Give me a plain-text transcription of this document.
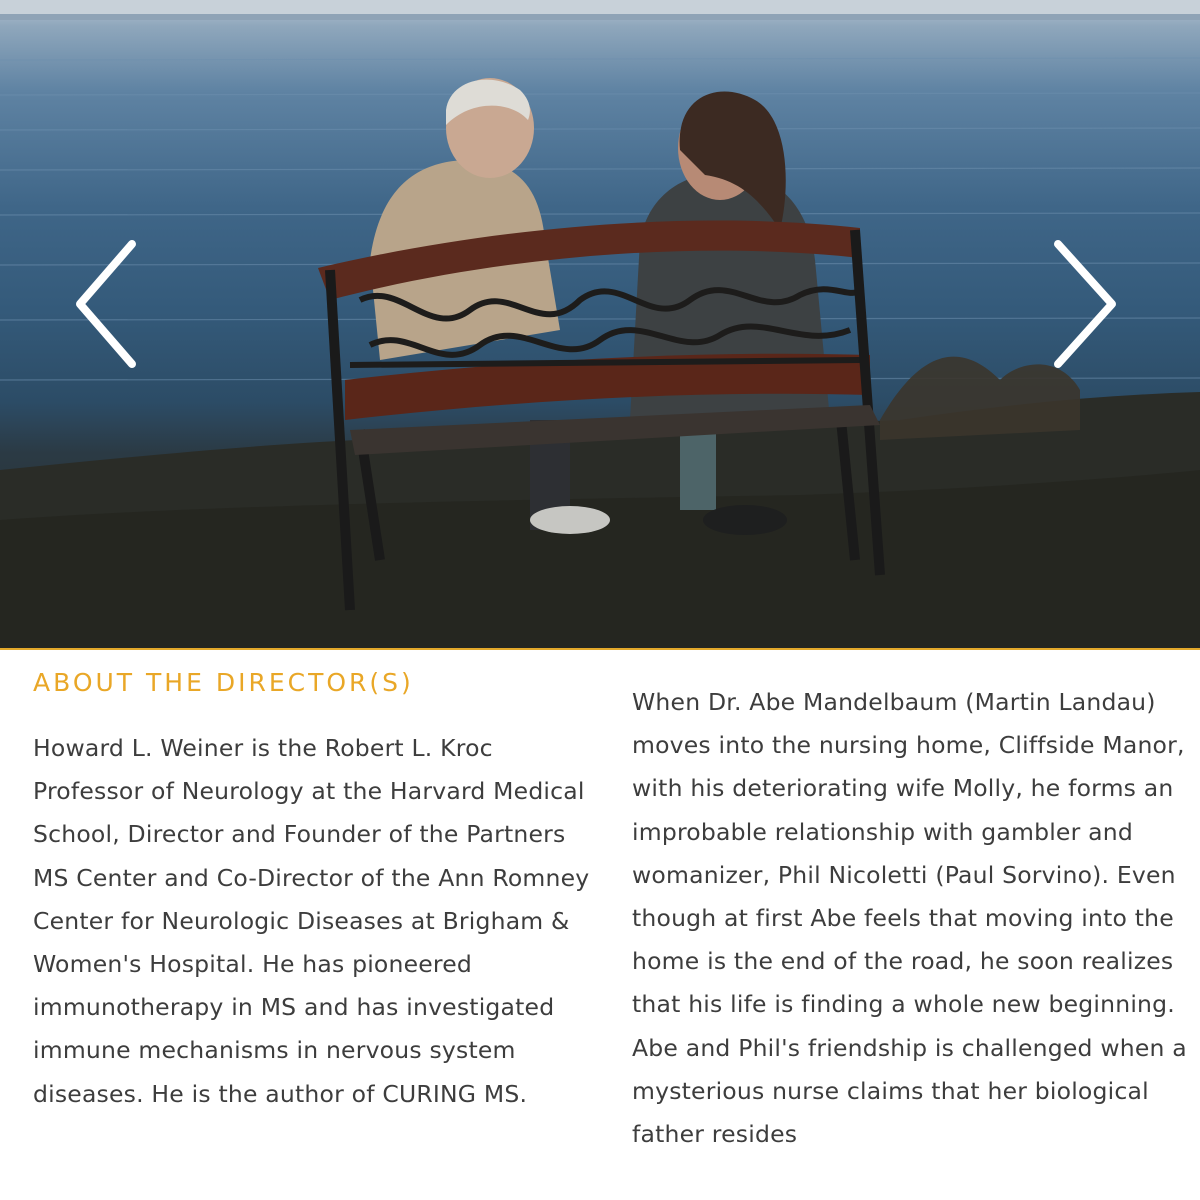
ABOUT THE DIRECTOR(S)

Howard L. Weiner is the Robert L. Kroc Professor of Neurology at the Harvard Medical School, Director and Founder of the Partners MS Center and Co-Director of the Ann Romney Center for Neurologic Diseases at Brigham & Women's Hospital. He has pioneered immunotherapy in MS and has investigated immune mechanisms in nervous system diseases. He is the author of CURING MS.

When Dr. Abe Mandelbaum (Martin Landau) moves into the nursing home, Cliffside Manor, with his deteriorating wife Molly, he forms an improbable relationship with gambler and womanizer, Phil Nicoletti (Paul Sorvino). Even though at first Abe feels that moving into the home is the end of the road, he soon realizes that his life is finding a whole new beginning. Abe and Phil's friendship is challenged when a mysterious nurse claims that her biological father resides
